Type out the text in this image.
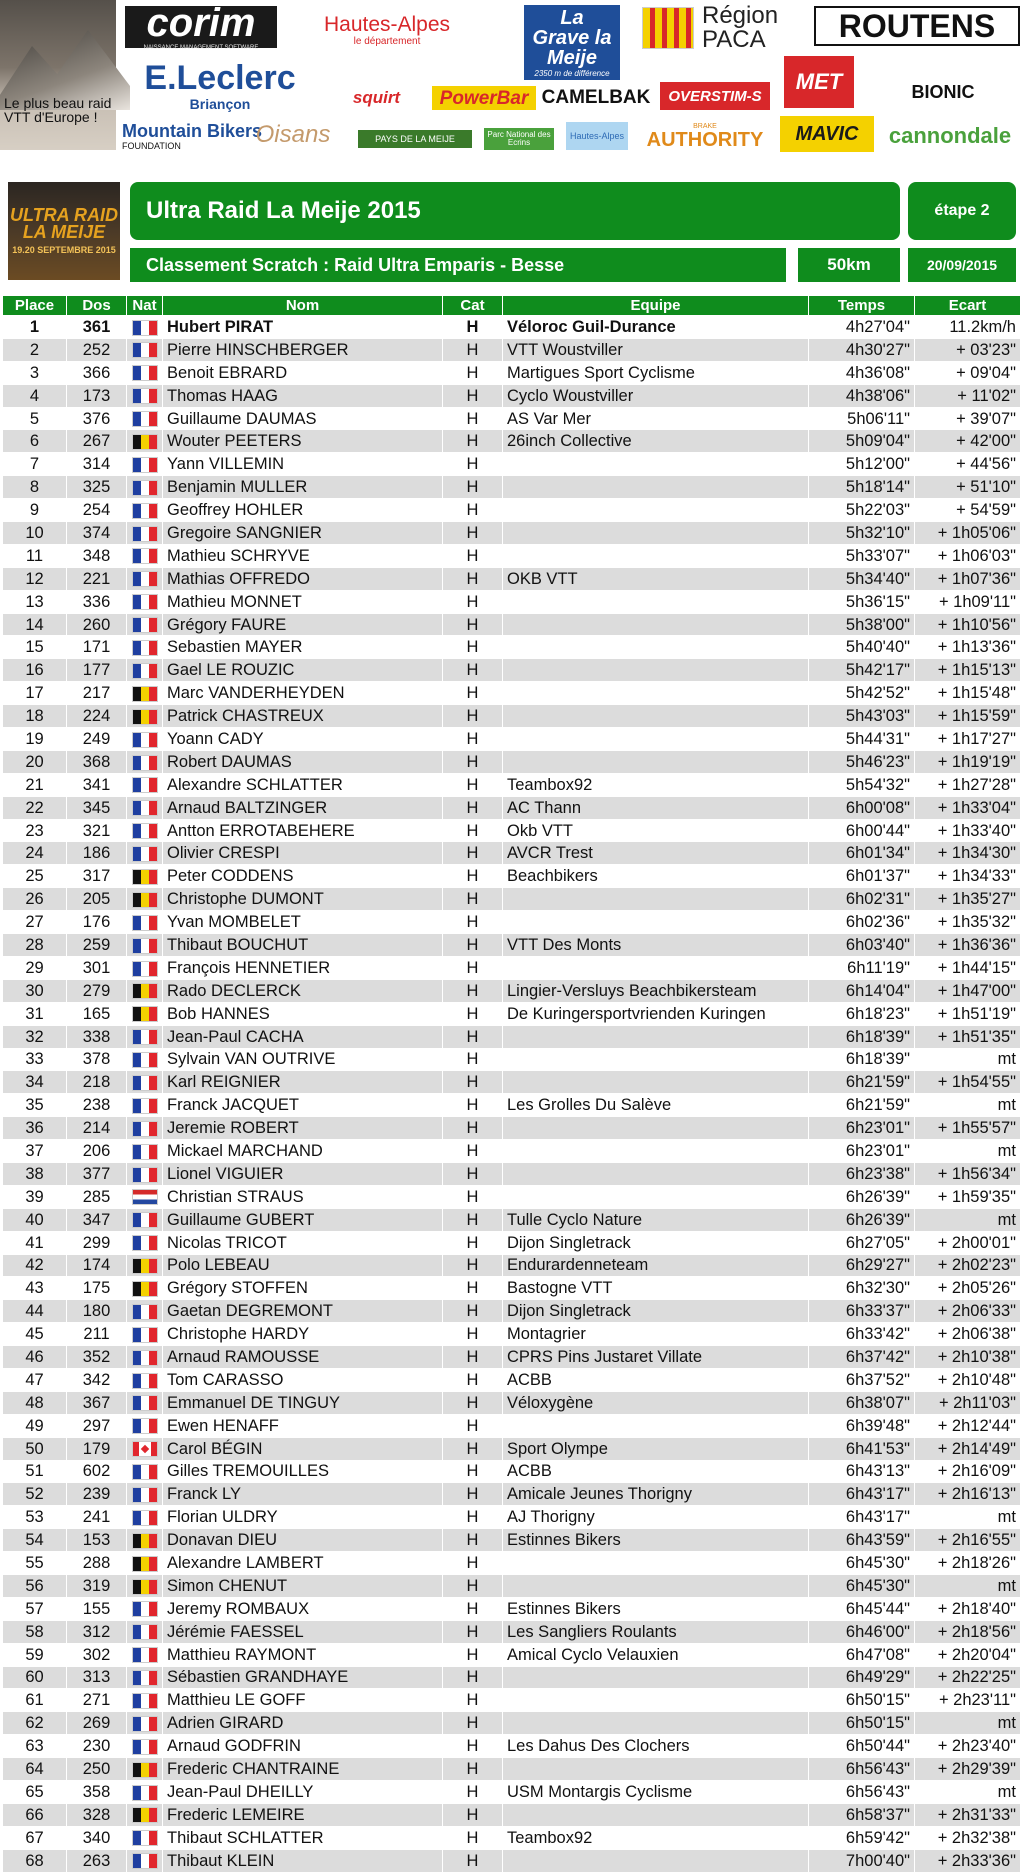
Le plus beau raid VTT d'Europe !
corim
NAISSANCE MANAGEMENT SOFTWARE
Hautes-Alpes
le département
La Grave la Meije
2350 m de différence
Région PACA	ROUTENS
E.Leclerc
Briançon	squirt	PowerBar CAMELBAK	OVERSTIM-S
MET	BIONIC
Mountain Bikers
FOUNDATION	Oisans	PAYS DE LA MEIJE	Parc National des Ecrins
Hautes-Alpes
BRAKE
AUTHORITY	MAVIC	cannondale
ULTRA RAID
LA MEIJE
19.20 SEPTEMBRE 2015
Ultra Raid La Meije 2015	étape 2
Classement Scratch : Raid Ultra Emparis - Besse	50km	20/09/2015
Place	Dos	Nat	Nom	Cat	Equipe	Temps	Ecart
1	361		Hubert PIRAT	H	Véloroc Guil-Durance	4h27'04"	11.2km/h
2	252		Pierre HINSCHBERGER	H	VTT Woustviller	4h30'27"	+ 03'23"
3	366		Benoit EBRARD	H	Martigues Sport Cyclisme	4h36'08"	+ 09'04"
4	173		Thomas HAAG	H	Cyclo Woustviller	4h38'06"	+ 11'02"
5	376		Guillaume DAUMAS	H	AS Var Mer	5h06'11"	+ 39'07"
6	267		Wouter PEETERS	H	26inch Collective	5h09'04"	+ 42'00"
7	314		Yann VILLEMIN	H		5h12'00"	+ 44'56"
8	325		Benjamin MULLER	H		5h18'14"	+ 51'10"
9	254		Geoffrey HOHLER	H		5h22'03"	+ 54'59"
10	374		Gregoire SANGNIER	H		5h32'10"	+ 1h05'06"
11	348		Mathieu SCHRYVE	H		5h33'07"	+ 1h06'03"
12	221		Mathias OFFREDO	H	OKB VTT	5h34'40"	+ 1h07'36"
13	336		Mathieu MONNET	H		5h36'15"	+ 1h09'11"
14	260		Grégory FAURE	H		5h38'00"	+ 1h10'56"
15	171		Sebastien MAYER	H		5h40'40"	+ 1h13'36"
16	177		Gael LE ROUZIC	H		5h42'17"	+ 1h15'13"
17	217		Marc VANDERHEYDEN	H		5h42'52"	+ 1h15'48"
18	224		Patrick CHASTREUX	H		5h43'03"	+ 1h15'59"
19	249		Yoann CADY	H		5h44'31"	+ 1h17'27"
20	368		Robert DAUMAS	H		5h46'23"	+ 1h19'19"
21	341		Alexandre SCHLATTER	H	Teambox92	5h54'32"	+ 1h27'28"
22	345		Arnaud BALTZINGER	H	AC Thann	6h00'08"	+ 1h33'04"
23	321		Antton ERROTABEHERE	H	Okb VTT	6h00'44"	+ 1h33'40"
24	186		Olivier CRESPI	H	AVCR Trest	6h01'34"	+ 1h34'30"
25	317		Peter CODDENS	H	Beachbikers	6h01'37"	+ 1h34'33"
26	205		Christophe DUMONT	H		6h02'31"	+ 1h35'27"
27	176		Yvan MOMBELET	H		6h02'36"	+ 1h35'32"
28	259		Thibaut BOUCHUT	H	VTT Des Monts	6h03'40"	+ 1h36'36"
29	301		François HENNETIER	H		6h11'19"	+ 1h44'15"
30	279		Rado DECLERCK	H	Lingier-Versluys Beachbikersteam	6h14'04"	+ 1h47'00"
31	165		Bob HANNES	H	De Kuringersportvrienden Kuringen	6h18'23"	+ 1h51'19"
32	338		Jean-Paul CACHA	H		6h18'39"	+ 1h51'35"
33	378		Sylvain VAN OUTRIVE	H		6h18'39"	mt
34	218		Karl REIGNIER	H		6h21'59"	+ 1h54'55"
35	238		Franck JACQUET	H	Les Grolles Du Salève	6h21'59"	mt
36	214		Jeremie ROBERT	H		6h23'01"	+ 1h55'57"
37	206		Mickael MARCHAND	H		6h23'01"	mt
38	377		Lionel VIGUIER	H		6h23'38"	+ 1h56'34"
39	285		Christian STRAUS	H		6h26'39"	+ 1h59'35"
40	347		Guillaume GUBERT	H	Tulle Cyclo Nature	6h26'39"	mt
41	299		Nicolas TRICOT	H	Dijon Singletrack	6h27'05"	+ 2h00'01"
42	174		Polo LEBEAU	H	Endurardenneteam	6h29'27"	+ 2h02'23"
43	175		Grégory STOFFEN	H	Bastogne VTT	6h32'30"	+ 2h05'26"
44	180		Gaetan DEGREMONT	H	Dijon Singletrack	6h33'37"	+ 2h06'33"
45	211		Christophe HARDY	H	Montagrier	6h33'42"	+ 2h06'38"
46	352		Arnaud RAMOUSSE	H	CPRS Pins Justaret Villate	6h37'42"	+ 2h10'38"
47	342		Tom CARASSO	H	ACBB	6h37'52"	+ 2h10'48"
48	367		Emmanuel DE TINGUY	H	Véloxygène	6h38'07"	+ 2h11'03"
49	297		Ewen HENAFF	H		6h39'48"	+ 2h12'44"
50	179		Carol BÉGIN	H	Sport Olympe	6h41'53"	+ 2h14'49"
51	602		Gilles TREMOUILLES	H	ACBB	6h43'13"	+ 2h16'09"
52	239		Franck LY	H	Amicale Jeunes Thorigny	6h43'17"	+ 2h16'13"
53	241		Florian ULDRY	H	AJ Thorigny	6h43'17"	mt
54	153		Donavan DIEU	H	Estinnes Bikers	6h43'59"	+ 2h16'55"
55	288		Alexandre LAMBERT	H		6h45'30"	+ 2h18'26"
56	319		Simon CHENUT	H		6h45'30"	mt
57	155		Jeremy ROMBAUX	H	Estinnes Bikers	6h45'44"	+ 2h18'40"
58	312		Jérémie FAESSEL	H	Les Sangliers Roulants	6h46'00"	+ 2h18'56"
59	302		Matthieu RAYMONT	H	Amical Cyclo Velauxien	6h47'08"	+ 2h20'04"
60	313		Sébastien GRANDHAYE	H		6h49'29"	+ 2h22'25"
61	271		Matthieu LE GOFF	H		6h50'15"	+ 2h23'11"
62	269		Adrien GIRARD	H		6h50'15"	mt
63	230		Arnaud GODFRIN	H	Les Dahus Des Clochers	6h50'44"	+ 2h23'40"
64	250		Frederic CHANTRAINE	H		6h56'43"	+ 2h29'39"
65	358		Jean-Paul DHEILLY	H	USM Montargis Cyclisme	6h56'43"	mt
66	328		Frederic LEMEIRE	H		6h58'37"	+ 2h31'33"
67	340		Thibaut SCHLATTER	H	Teambox92	6h59'42"	+ 2h32'38"
68	263		Thibaut KLEIN	H		7h00'40"	+ 2h33'36"
